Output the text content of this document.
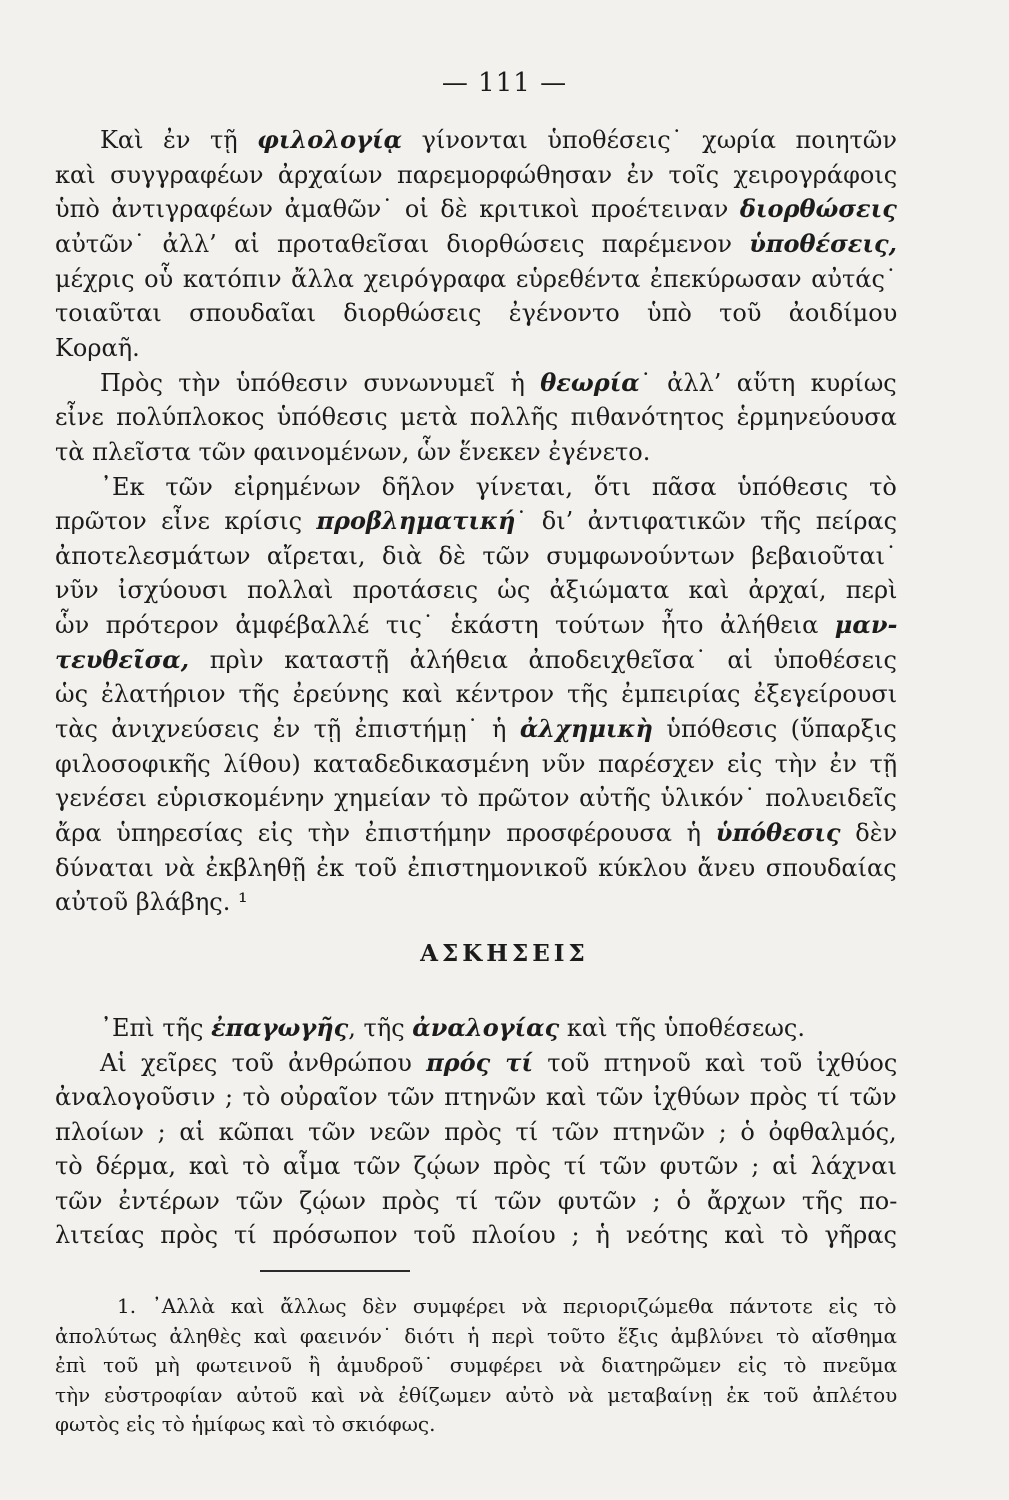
— 111 —
Καὶ ἐν τῇ φιλολογίᾳ γίνονται ὑποθέσεις˙ χωρία ποιητῶν
καὶ συγγραφέων ἀρχαίων παρεμορφώθησαν ἐν τοῖς χειρογράφοις
ὑπὸ ἀντιγραφέων ἀμαθῶν˙ οἱ δὲ κριτικοὶ προέτειναν διορθώσεις
αὐτῶν˙ ἀλλ’ αἱ προταθεῖσαι διορθώσεις παρέμενον ὑποθέσεις,
μέχρις οὗ κατόπιν ἄλλα χειρόγραφα εὑρεθέντα ἐπεκύρωσαν αὐτάς˙
τοιαῦται σπουδαῖαι διορθώσεις ἐγένοντο ὑπὸ τοῦ ἀοιδίμου
Κοραῆ.
Πρὸς τὴν ὑπόθεσιν συνωνυμεῖ ἡ θεωρία˙ ἀλλ’ αὕτη κυρίως
εἶνε πολύπλοκος ὑπόθεσις μετὰ πολλῆς πιθανότητος ἑρμηνεύουσα
τὰ πλεῖστα τῶν φαινομένων, ὧν ἕνεκεν ἐγένετο.
᾿Εκ τῶν εἰρημένων δῆλον γίνεται, ὅτι πᾶσα ὑπόθεσις τὸ
πρῶτον εἶνε κρίσις προβληματική˙ δι’ ἀντιφατικῶν τῆς πείρας
ἀποτελεσμάτων αἴρεται, διὰ δὲ τῶν συμφωνούντων βεβαιοῦται˙
νῦν ἰσχύουσι πολλαὶ προτάσεις ὡς ἀξιώματα καὶ ἀρχαί, περὶ
ὧν πρότερον ἀμφέβαλλέ τις˙ ἑκάστη τούτων ἦτο ἀλήθεια μαν-
τευθεῖσα, πρὶν καταστῇ ἀλήθεια ἀποδειχθεῖσα˙ αἱ ὑποθέσεις
ὡς ἐλατήριον τῆς ἐρεύνης καὶ κέντρον τῆς ἐμπειρίας ἐξεγείρουσι
τὰς ἀνιχνεύσεις ἐν τῇ ἐπιστήμῃ˙ ἡ ἀλχημικὴ ὑπόθεσις (ὕπαρξις
φιλοσοφικῆς λίθου) καταδεδικασμένη νῦν παρέσχεν εἰς τὴν ἐν τῇ
γενέσει εὑρισκομένην χημείαν τὸ πρῶτον αὐτῆς ὑλικόν˙ πολυειδεῖς
ἄρα ὑπηρεσίας εἰς τὴν ἐπιστήμην προσφέρουσα ἡ ὑπόθεσις δὲν
δύναται νὰ ἐκβληθῇ ἐκ τοῦ ἐπιστημονικοῦ κύκλου ἄνευ σπουδαίας
αὐτοῦ βλάβης. ¹
ΑΣΚΗΣΕΙΣ
᾿Επὶ τῆς ἐπαγωγῆς, τῆς ἀναλογίας καὶ τῆς ὑποθέσεως.
Αἱ χεῖρες τοῦ ἀνθρώπου πρός τί τοῦ πτηνοῦ καὶ τοῦ ἰχθύος
ἀναλογοῦσιν ; τὸ οὐραῖον τῶν πτηνῶν καὶ τῶν ἰχθύων πρὸς τί τῶν
πλοίων ; αἱ κῶπαι τῶν νεῶν πρὸς τί τῶν πτηνῶν ; ὁ ὀφθαλμός,
τὸ δέρμα, καὶ τὸ αἷμα τῶν ζῴων πρὸς τί τῶν φυτῶν ; αἱ λάχναι
τῶν ἐντέρων τῶν ζῴων πρὸς τί τῶν φυτῶν ; ὁ ἄρχων τῆς πο-
λιτείας πρὸς τί πρόσωπον τοῦ πλοίου ; ἡ νεότης καὶ τὸ γῆρας
1. ᾿Αλλὰ καὶ ἄλλως δὲν συμφέρει νὰ περιοριζώμεθα πάντοτε εἰς τὸ
ἀπολύτως ἀληθὲς καὶ φαεινόν˙ διότι ἡ περὶ τοῦτο ἕξις ἀμβλύνει τὸ αἴσθημα
ἐπὶ τοῦ μὴ φωτεινοῦ ἢ ἀμυδροῦ˙ συμφέρει νὰ διατηρῶμεν εἰς τὸ πνεῦμα
τὴν εὐστροφίαν αὐτοῦ καὶ νὰ ἐθίζωμεν αὐτὸ νὰ μεταβαίνῃ ἐκ τοῦ ἀπλέτου
φωτὸς εἰς τὸ ἡμίφως καὶ τὸ σκιόφως.
